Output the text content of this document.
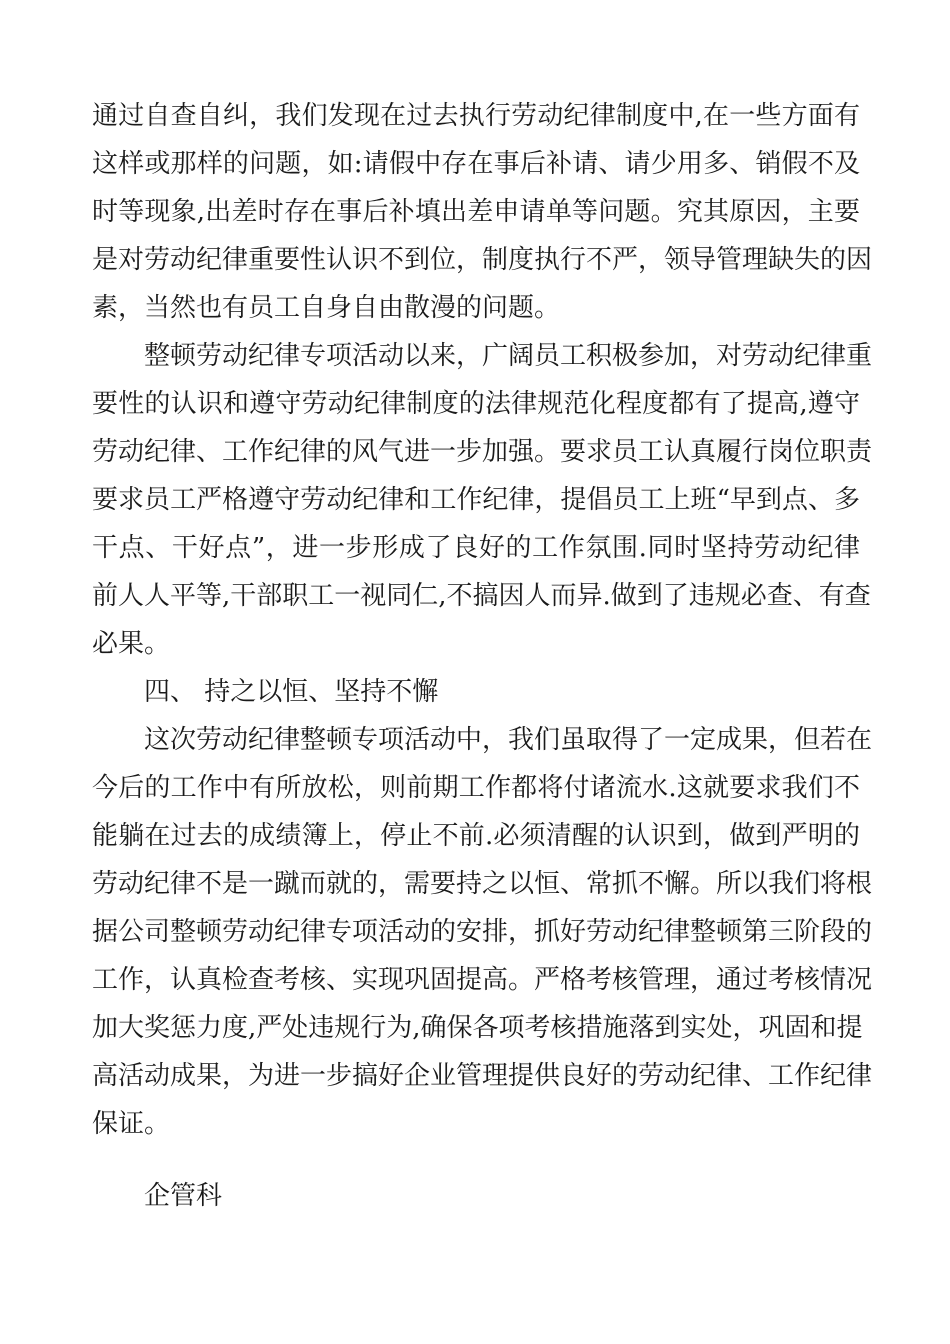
通过自查自纠，我们发现在过去执行劳动纪律制度中,在一些方面有
这样或那样的问题，如:请假中存在事后补请、请少用多、销假不及
时等现象,出差时存在事后补填出差申请单等问题。究其原因，主要
是对劳动纪律重要性认识不到位，制度执行不严，领导管理缺失的因
素，当然也有员工自身自由散漫的问题。
整顿劳动纪律专项活动以来，广阔员工积极参加，对劳动纪律重
要性的认识和遵守劳动纪律制度的法律规范化程度都有了提高,遵守
劳动纪律、工作纪律的风气进一步加强。要求员工认真履行岗位职责
要求员工严格遵守劳动纪律和工作纪律，提倡员工上班“早到点、多
干点、干好点”，进一步形成了良好的工作氛围.同时坚持劳动纪律
前人人平等,干部职工一视同仁,不搞因人而异.做到了违规必查、有查
必果。
四、 持之以恒、坚持不懈
这次劳动纪律整顿专项活动中，我们虽取得了一定成果，但若在
今后的工作中有所放松，则前期工作都将付诸流水.这就要求我们不
能躺在过去的成绩簿上，停止不前.必须清醒的认识到，做到严明的
劳动纪律不是一蹴而就的，需要持之以恒、常抓不懈。所以我们将根
据公司整顿劳动纪律专项活动的安排，抓好劳动纪律整顿第三阶段的
工作，认真检查考核、实现巩固提高。严格考核管理，通过考核情况
加大奖惩力度,严处违规行为,确保各项考核措施落到实处，巩固和提
高活动成果，为进一步搞好企业管理提供良好的劳动纪律、工作纪律
保证。
企管科
